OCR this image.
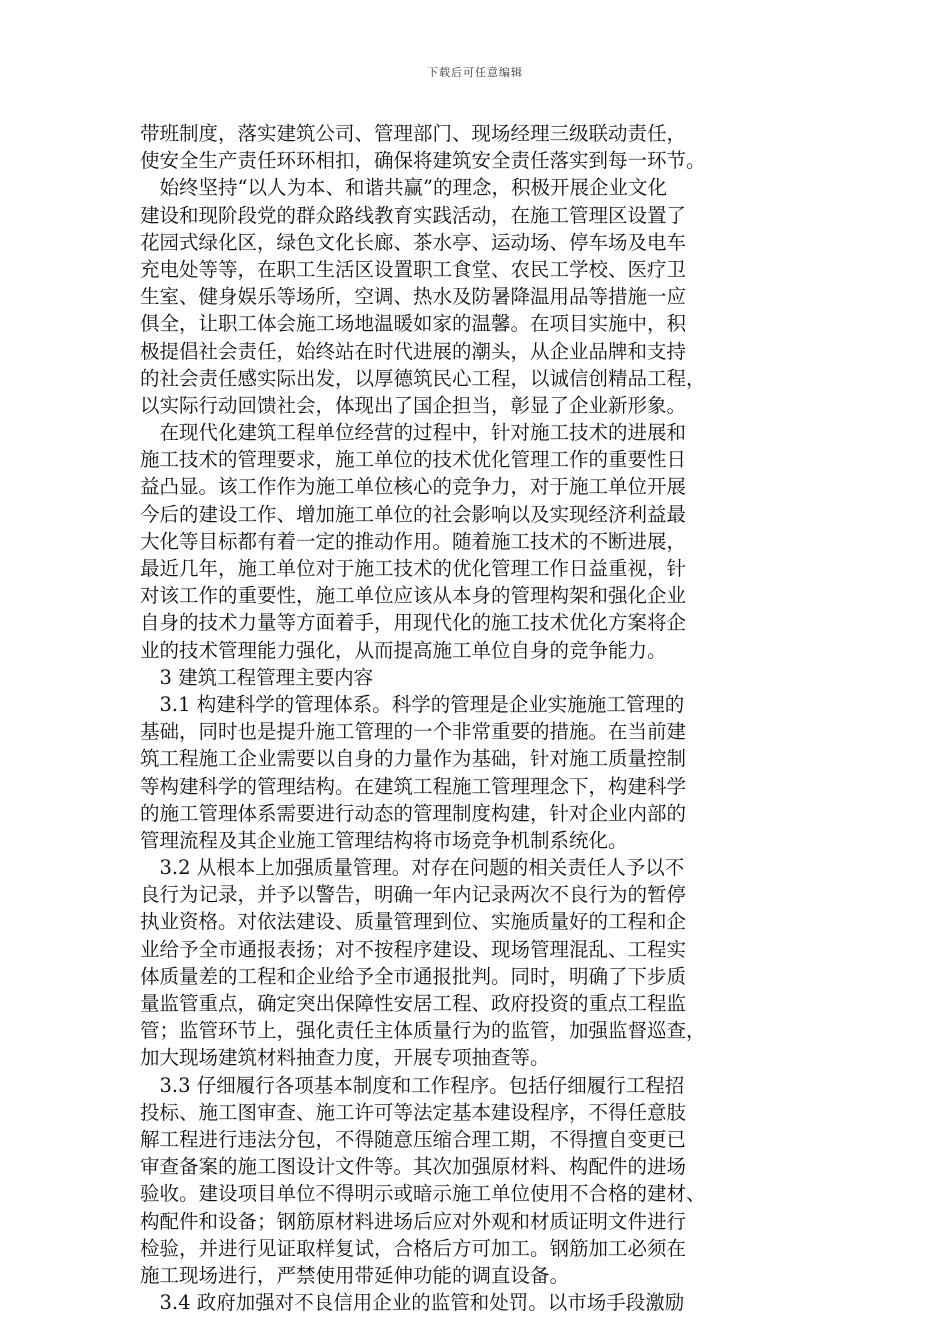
下载后可任意编辑
带班制度，落实建筑公司、管理部门、现场经理三级联动责任，
使安全生产责任环环相扣，确保将建筑安全责任落实到每一环节。
　始终坚持“以人为本、和谐共赢”的理念，积极开展企业文化
建设和现阶段党的群众路线教育实践活动，在施工管理区设置了
花园式绿化区，绿色文化长廊、茶水亭、运动场、停车场及电车
充电处等等，在职工生活区设置职工食堂、农民工学校、医疗卫
生室、健身娱乐等场所，空调、热水及防暑降温用品等措施一应
俱全，让职工体会施工场地温暖如家的温馨。在项目实施中，积
极提倡社会责任，始终站在时代进展的潮头，从企业品牌和支持
的社会责任感实际出发，以厚德筑民心工程，以诚信创精品工程，
以实际行动回馈社会，体现出了国企担当，彰显了企业新形象。
　在现代化建筑工程单位经营的过程中，针对施工技术的进展和
施工技术的管理要求，施工单位的技术优化管理工作的重要性日
益凸显。该工作作为施工单位核心的竞争力，对于施工单位开展
今后的建设工作、增加施工单位的社会影响以及实现经济利益最
大化等目标都有着一定的推动作用。随着施工技术的不断进展，
最近几年，施工单位对于施工技术的优化管理工作日益重视，针
对该工作的重要性，施工单位应该从本身的管理构架和强化企业
自身的技术力量等方面着手，用现代化的施工技术优化方案将企
业的技术管理能力强化，从而提高施工单位自身的竞争能力。
　3 建筑工程管理主要内容
　3.1 构建科学的管理体系。科学的管理是企业实施施工管理的
基础，同时也是提升施工管理的一个非常重要的措施。在当前建
筑工程施工企业需要以自身的力量作为基础，针对施工质量控制
等构建科学的管理结构。在建筑工程施工管理理念下，构建科学
的施工管理体系需要进行动态的管理制度构建，针对企业内部的
管理流程及其企业施工管理结构将市场竞争机制系统化。
　3.2 从根本上加强质量管理。对存在问题的相关责任人予以不
良行为记录，并予以警告，明确一年内记录两次不良行为的暂停
执业资格。对依法建设、质量管理到位、实施质量好的工程和企
业给予全市通报表扬；对不按程序建设、现场管理混乱、工程实
体质量差的工程和企业给予全市通报批判。同时，明确了下步质
量监管重点，确定突出保障性安居工程、政府投资的重点工程监
管；监管环节上，强化责任主体质量行为的监管，加强监督巡查，
加大现场建筑材料抽查力度，开展专项抽查等。
　3.3 仔细履行各项基本制度和工作程序。包括仔细履行工程招
投标、施工图审查、施工许可等法定基本建设程序，不得任意肢
解工程进行违法分包，不得随意压缩合理工期，不得擅自变更已
审查备案的施工图设计文件等。其次加强原材料、构配件的进场
验收。建设项目单位不得明示或暗示施工单位使用不合格的建材、
构配件和设备；钢筋原材料进场后应对外观和材质证明文件进行
检验，并进行见证取样复试，合格后方可加工。钢筋加工必须在
施工现场进行，严禁使用带延伸功能的调直设备。
　3.4 政府加强对不良信用企业的监管和处罚。以市场手段激励
